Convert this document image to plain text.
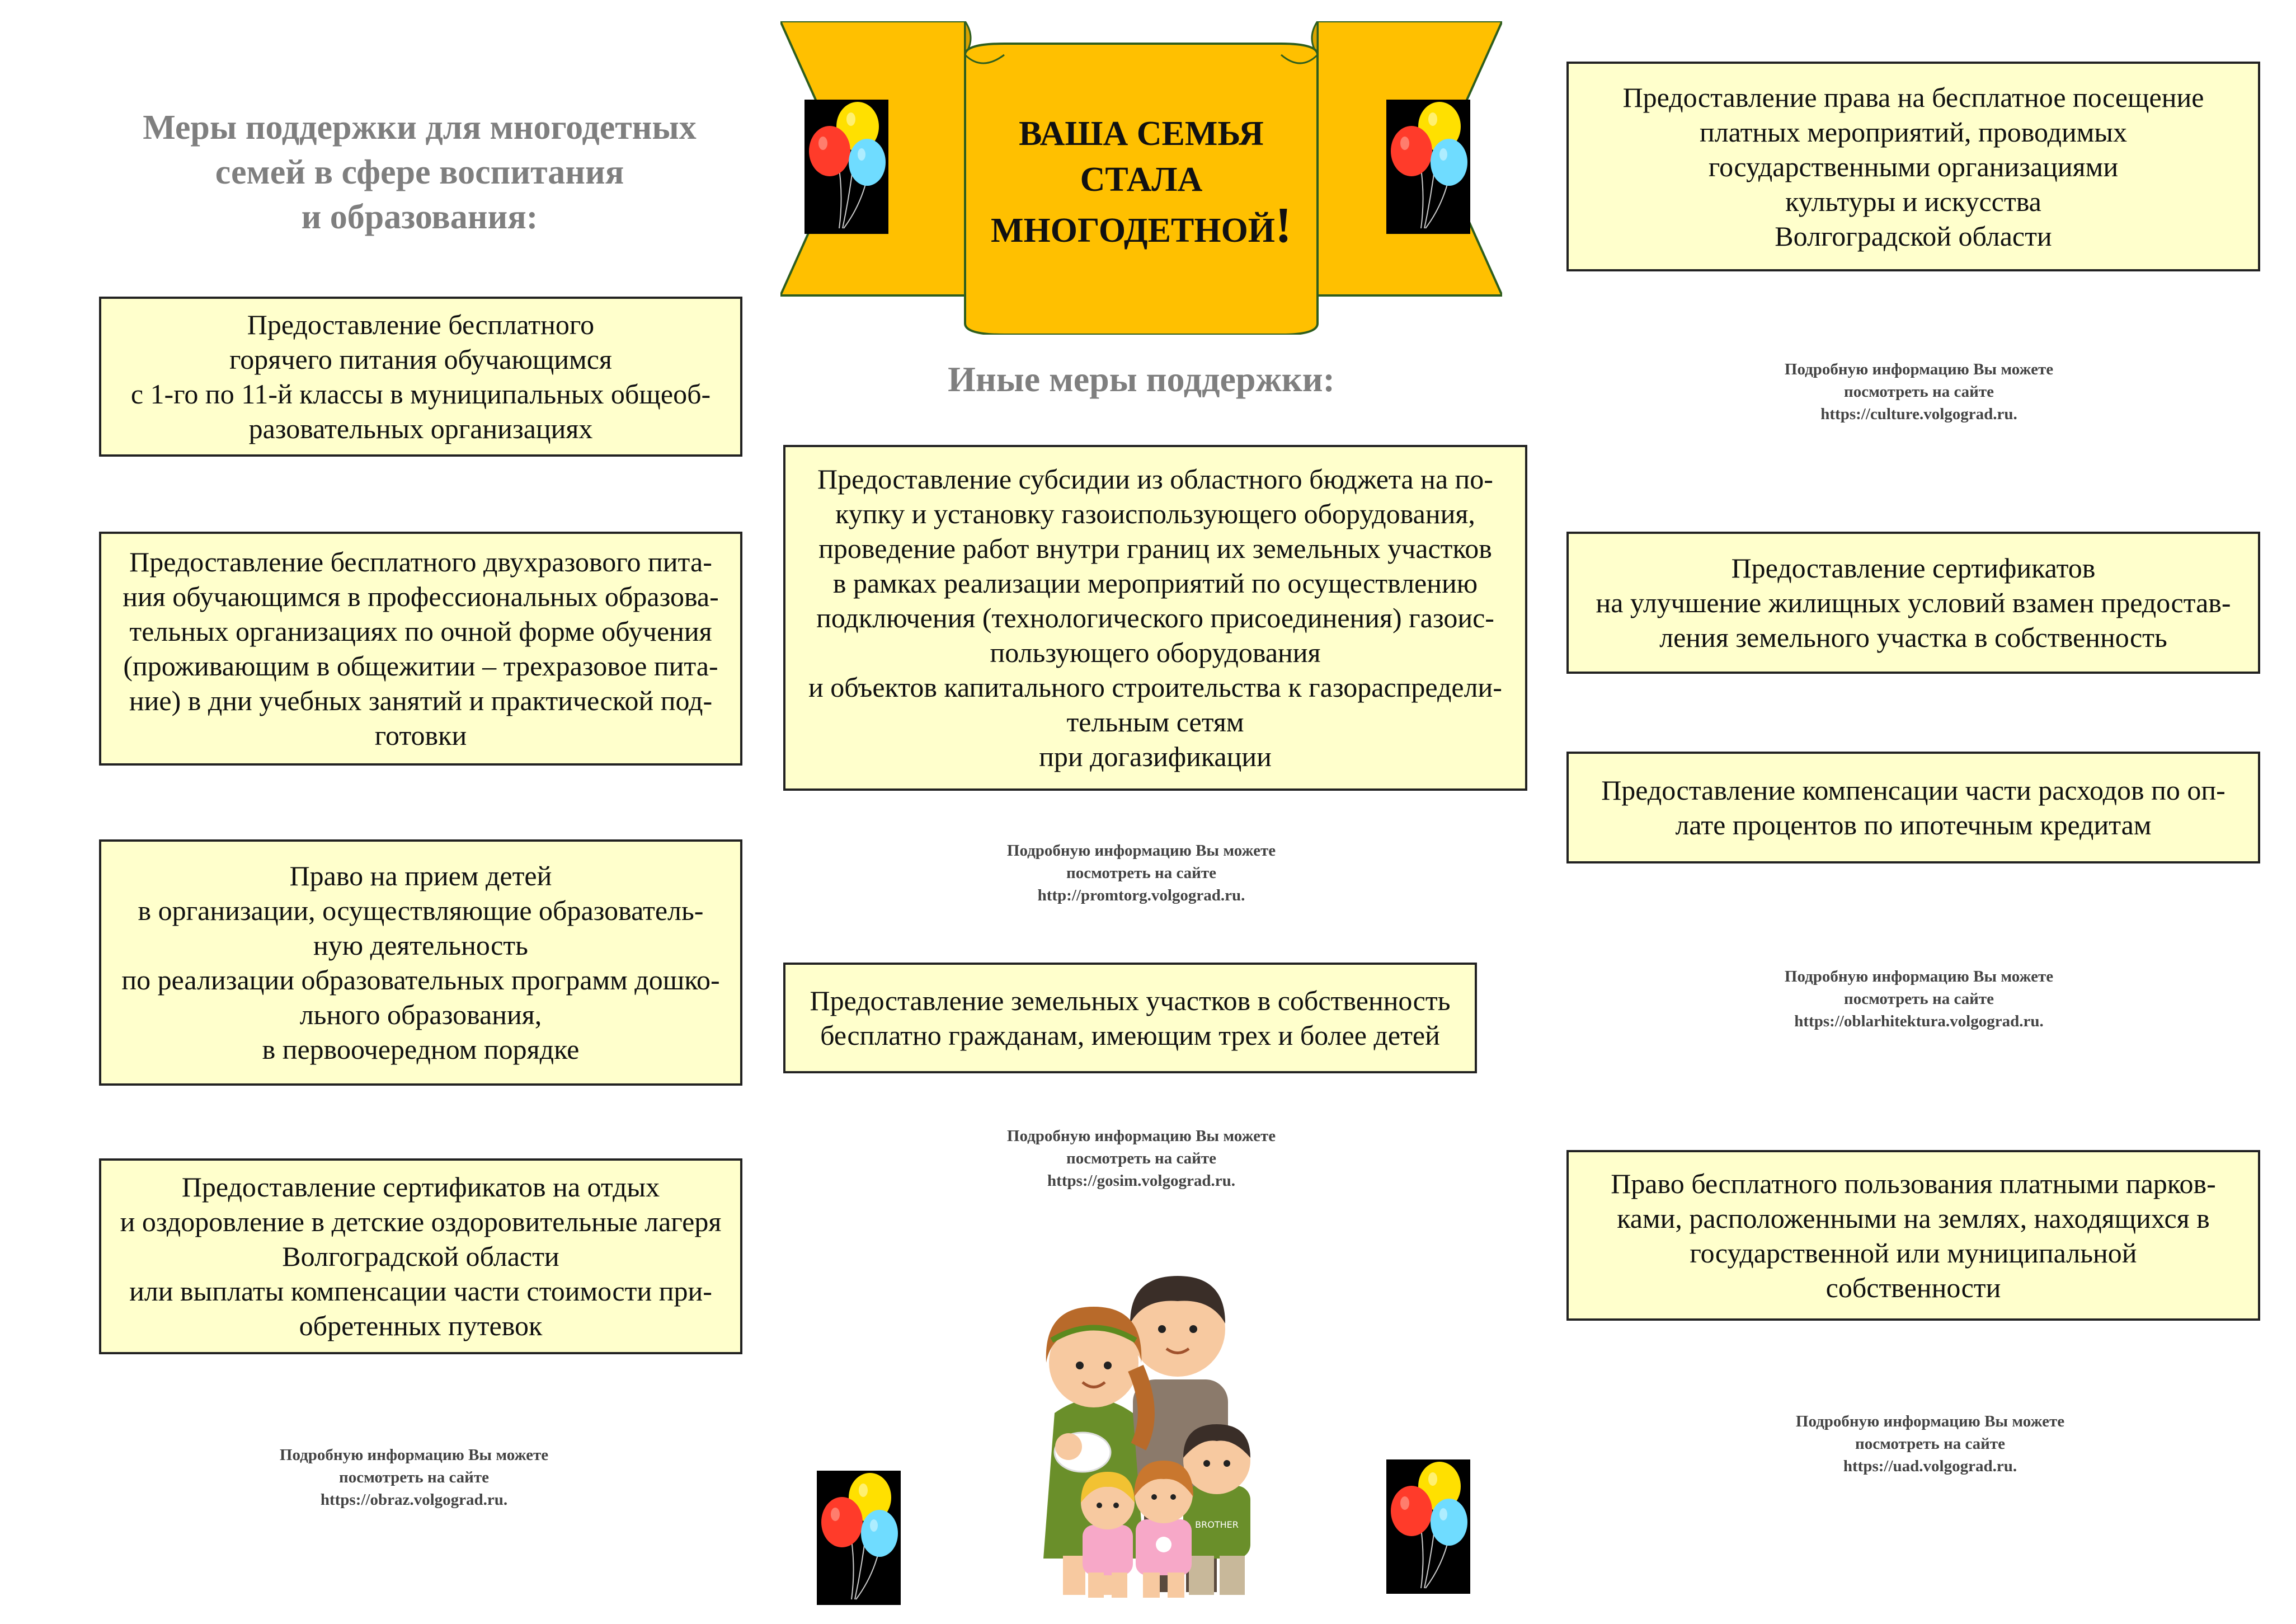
Меры поддержки для многодетных
семей в сфере воспитания
и образования:
Предоставление бесплатного
горячего питания обучающимся
с 1-го по 11-й классы в муниципальных общеоб-
разовательных организациях
Предоставление бесплатного двухразового пита-
ния обучающимся в профессиональных образова-
тельных организациях по очной форме обучения
(проживающим в общежитии – трехразовое пита-
ние) в дни учебных занятий и практической под-
готовки
Право на прием детей
в организации, осуществляющие образователь-
ную деятельность
по реализации образовательных программ дошко-
льного образования,
в первоочередном порядке
Предоставление сертификатов на отдых
и оздоровление в детские оздоровительные лагеря
Волгоградской области
или выплаты компенсации части стоимости при-
обретенных путевок
Подробную информацию Вы можете
посмотреть на сайте
https://obraz.volgograd.ru.
ВАША СЕМЬЯ
СТАЛА
МНОГОДЕТНОЙ!
Иные меры поддержки:
Предоставление субсидии из областного бюджета на по-
купку и установку газоиспользующего оборудования,
проведение работ внутри границ их земельных участков
в рамках реализации мероприятий по осуществлению
подключения (технологического присоединения) газоис-
пользующего оборудования
и объектов капитального строительства к газораспредели-
тельным сетям
при догазификации
Подробную информацию Вы можете
посмотреть на сайте
http://promtorg.volgograd.ru.
Предоставление земельных участков в собственность
бесплатно гражданам, имеющим трех и более детей
Подробную информацию Вы можете
посмотреть на сайте
https://gosim.volgograd.ru.
BROTHER
Предоставление права на бесплатное посещение
платных мероприятий, проводимых
государственными организациями
культуры и искусства
Волгоградской области
Подробную информацию Вы можете
посмотреть на сайте
https://culture.volgograd.ru.
Предоставление сертификатов
на улучшение жилищных условий взамен предостав-
ления земельного участка в собственность
Предоставление компенсации части расходов по оп-
лате процентов по ипотечным кредитам
Подробную информацию Вы можете
посмотреть на сайте
https://oblarhitektura.volgograd.ru.
Право бесплатного пользования платными парков-
ками, расположенными на землях, находящихся в
государственной или муниципальной
собственности
Подробную информацию Вы можете
посмотреть на сайте
https://uad.volgograd.ru.
